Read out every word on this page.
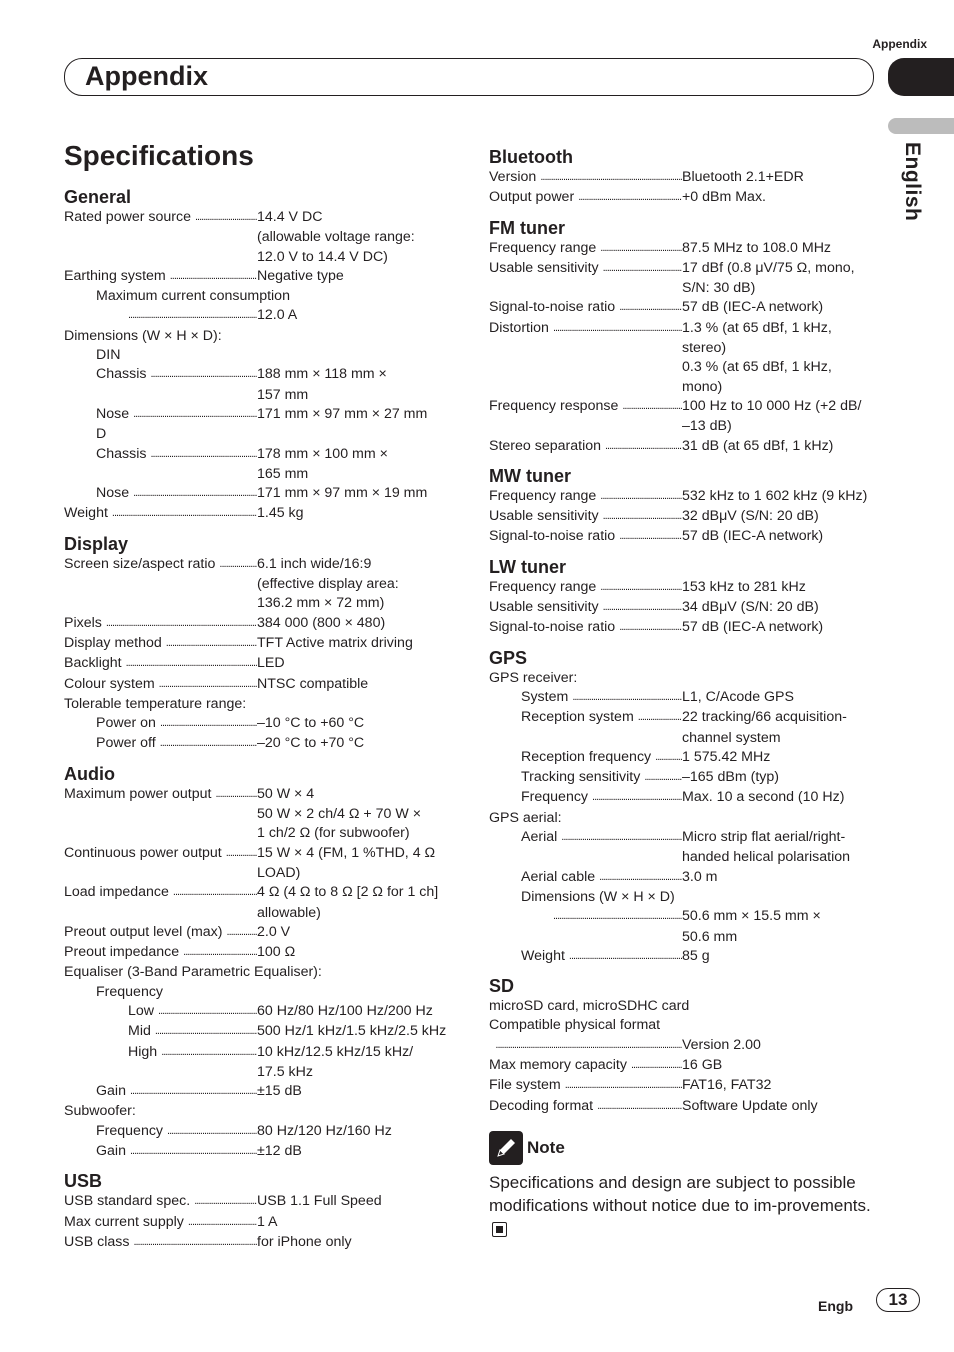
Appendix
Appendix
English
Specifications
General
Rated power source .....	14.4 V DC
(allowable voltage range:
12.0 V to 14.4 V DC)
Earthing system .....	Negative type
Maximum current consumption
.....
12.0 A
Dimensions (W × H × D):
DIN
Chassis .....	188 mm × 118 mm ×
157 mm
Nose .....	171 mm × 97 mm × 27 mm
D
Chassis .....	178 mm × 100 mm ×
165 mm
Nose .....	171 mm × 97 mm × 19 mm
Weight .....	1.45 kg
Display
Screen size/aspect ratio .....	6.1 inch wide/16:9
(effective display area:
136.2 mm × 72 mm)
Pixels .....	384 000 (800 × 480)
Display method .....	TFT Active matrix driving
Backlight .....	LED
Colour system .....	NTSC compatible
Tolerable temperature range:
Power on .....	–10 °C to +60 °C
Power off .....	–20 °C to +70 °C
Audio
Maximum power output .....	50 W × 4
50 W × 2 ch/4 Ω + 70 W ×
1 ch/2 Ω (for subwoofer)
Continuous power output ..... 15 W × 4 (FM, 1 %THD, 4 Ω
LOAD)
Load impedance .....	4 Ω (4 Ω to 8 Ω [2 Ω for 1 ch]
allowable)
Preout output level (max) ..... 2.0 V
Preout impedance .....	100 Ω
Equaliser (3-Band Parametric Equaliser):
Frequency
Low .....	60 Hz/80 Hz/100 Hz/200 Hz
Mid .....	500 Hz/1 kHz/1.5 kHz/2.5 kHz
High .....	10 kHz/12.5 kHz/15 kHz/
17.5 kHz
Gain .....	±15 dB
Subwoofer:
Frequency .....	80 Hz/120 Hz/160 Hz
Gain .....	±12 dB
USB
USB standard spec. .....	USB 1.1 Full Speed
Max current supply .....	1 A
USB class .....	for iPhone only
Bluetooth
Version .....	Bluetooth 2.1+EDR
Output power .....	+0 dBm Max.
FM tuner
Frequency range .....	87.5 MHz to 108.0 MHz
Usable sensitivity .....	17 dBf (0.8 μV/75 Ω, mono,
S/N: 30 dB)
Signal-to-noise ratio .....	57 dB (IEC-A network)
Distortion .....	1.3 % (at 65 dBf, 1 kHz,
stereo)
0.3 % (at 65 dBf, 1 kHz,
mono)
Frequency response .....	100 Hz to 10 000 Hz (+2 dB/
–13 dB)
Stereo separation .....	31 dB (at 65 dBf, 1 kHz)
MW tuner
Frequency range .....	532 kHz to 1 602 kHz (9 kHz)
Usable sensitivity .....	32 dBμV (S/N: 20 dB)
Signal-to-noise ratio .....	57 dB (IEC-A network)
LW tuner
Frequency range .....	153 kHz to 281 kHz
Usable sensitivity .....	34 dBμV (S/N: 20 dB)
Signal-to-noise ratio .....	57 dB (IEC-A network)
GPS
GPS receiver:
System .....	L1, C/Acode GPS
Reception system .....	22 tracking/66 acquisition-
channel system
Reception frequency ..... 1 575.42 MHz
Tracking sensitivity .....	–165 dBm (typ)
Frequency .....	Max. 10 a second (10 Hz)
GPS aerial:
Aerial .....	Micro strip flat aerial/right-
handed helical polarisation
Aerial cable .....	3.0 m
Dimensions (W × H × D)
.....
50.6 mm × 15.5 mm ×
50.6 mm
Weight .....	85 g
SD
microSD card, microSDHC card
Compatible physical format
.....
Version 2.00
Max memory capacity .....	16 GB
File system .....	FAT16, FAT32
Decoding format .....	Software Update only
Note
Specifications and design are subject to possible modifications without notice due to im-provements.
Engb	13
